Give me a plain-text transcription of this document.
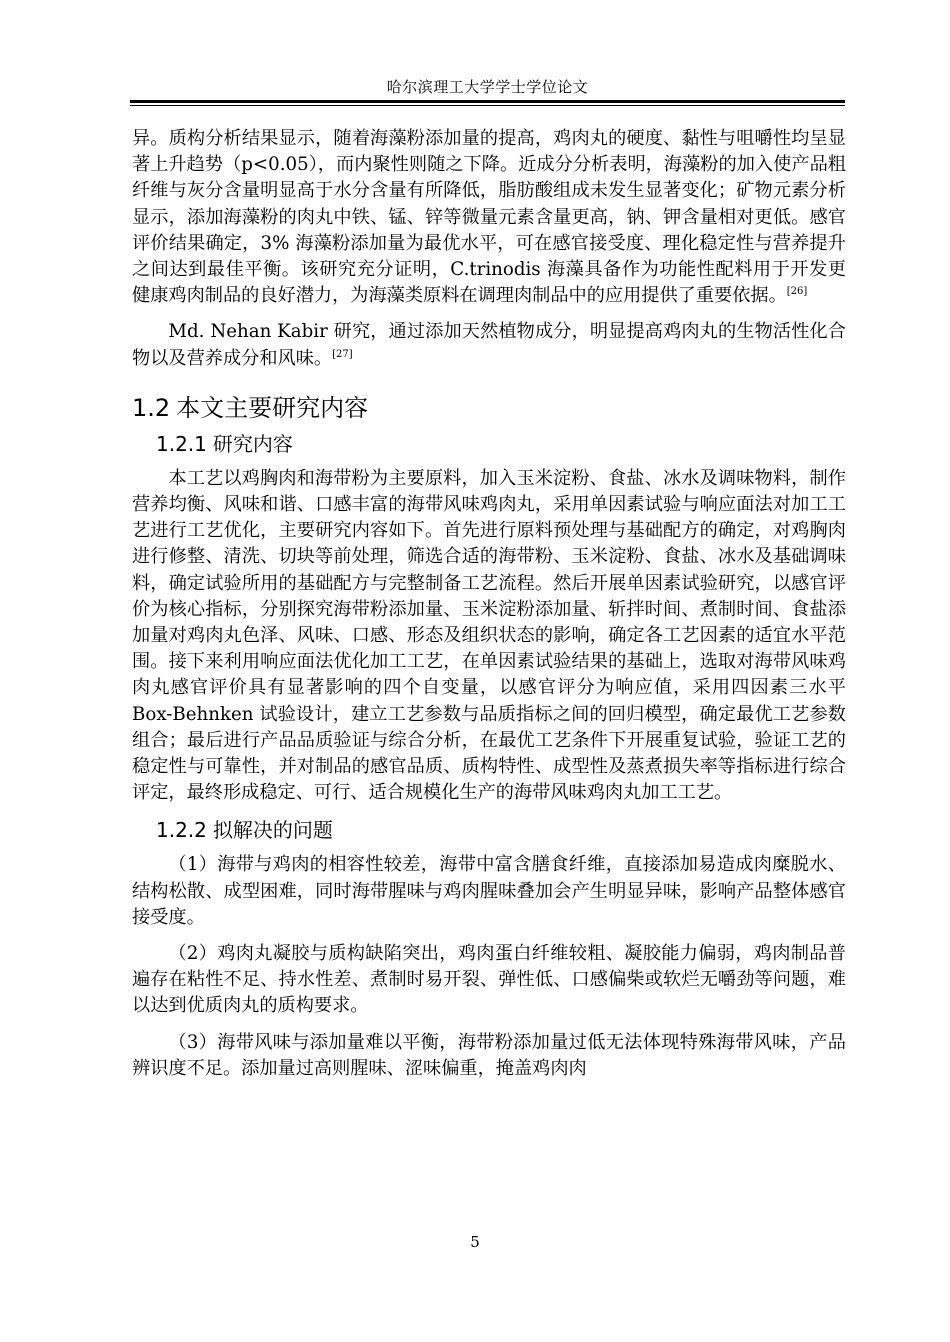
哈尔滨理工大学学士学位论文

异。质构分析结果显示，随着海藻粉添加量的提高，鸡肉丸的硬度、黏性与咀嚼性均呈显著上升趋势（p<0.05），而内聚性则随之下降。近成分分析表明，海藻粉的加入使产品粗纤维与灰分含量明显高于水分含量有所降低，脂肪酸组成未发生显著变化；矿物元素分析显示，添加海藻粉的肉丸中铁、锰、锌等微量元素含量更高，钠、钾含量相对更低。感官评价结果确定，3% 海藻粉添加量为最优水平，可在感官接受度、理化稳定性与营养提升之间达到最佳平衡。该研究充分证明，C.trinodis 海藻具备作为功能性配料用于开发更健康鸡肉制品的良好潜力，为海藻类原料在调理肉制品中的应用提供了重要依据。[26]

Md. Nehan Kabir 研究，通过添加天然植物成分，明显提高鸡肉丸的生物活性化合物以及营养成分和风味。[27]

1.2 本文主要研究内容
1.2.1 研究内容

本工艺以鸡胸肉和海带粉为主要原料，加入玉米淀粉、食盐、冰水及调味物料，制作营养均衡、风味和谐、口感丰富的海带风味鸡肉丸，采用单因素试验与响应面法对加工工艺进行工艺优化，主要研究内容如下。首先进行原料预处理与基础配方的确定，对鸡胸肉进行修整、清洗、切块等前处理，筛选合适的海带粉、玉米淀粉、食盐、冰水及基础调味料，确定试验所用的基础配方与完整制备工艺流程。然后开展单因素试验研究，以感官评价为核心指标，分别探究海带粉添加量、玉米淀粉添加量、斩拌时间、煮制时间、食盐添加量对鸡肉丸色泽、风味、口感、形态及组织状态的影响，确定各工艺因素的适宜水平范围。接下来利用响应面法优化加工工艺，在单因素试验结果的基础上，选取对海带风味鸡肉丸感官评价具有显著影响的四个自变量，以感官评分为响应值，采用四因素三水平 Box-Behnken 试验设计，建立工艺参数与品质指标之间的回归模型，确定最优工艺参数组合；最后进行产品品质验证与综合分析，在最优工艺条件下开展重复试验，验证工艺的稳定性与可靠性，并对制品的感官品质、质构特性、成型性及蒸煮损失率等指标进行综合评定，最终形成稳定、可行、适合规模化生产的海带风味鸡肉丸加工工艺。

1.2.2 拟解决的问题

（1）海带与鸡肉的相容性较差，海带中富含膳食纤维，直接添加易造成肉糜脱水、结构松散、成型困难，同时海带腥味与鸡肉腥味叠加会产生明显异味，影响产品整体感官接受度。

（2）鸡肉丸凝胶与质构缺陷突出，鸡肉蛋白纤维较粗、凝胶能力偏弱，鸡肉制品普遍存在粘性不足、持水性差、煮制时易开裂、弹性低、口感偏柴或软烂无嚼劲等问题，难以达到优质肉丸的质构要求。

（3）海带风味与添加量难以平衡，海带粉添加量过低无法体现特殊海带风味，产品辨识度不足。添加量过高则腥味、涩味偏重，掩盖鸡肉肉

5
